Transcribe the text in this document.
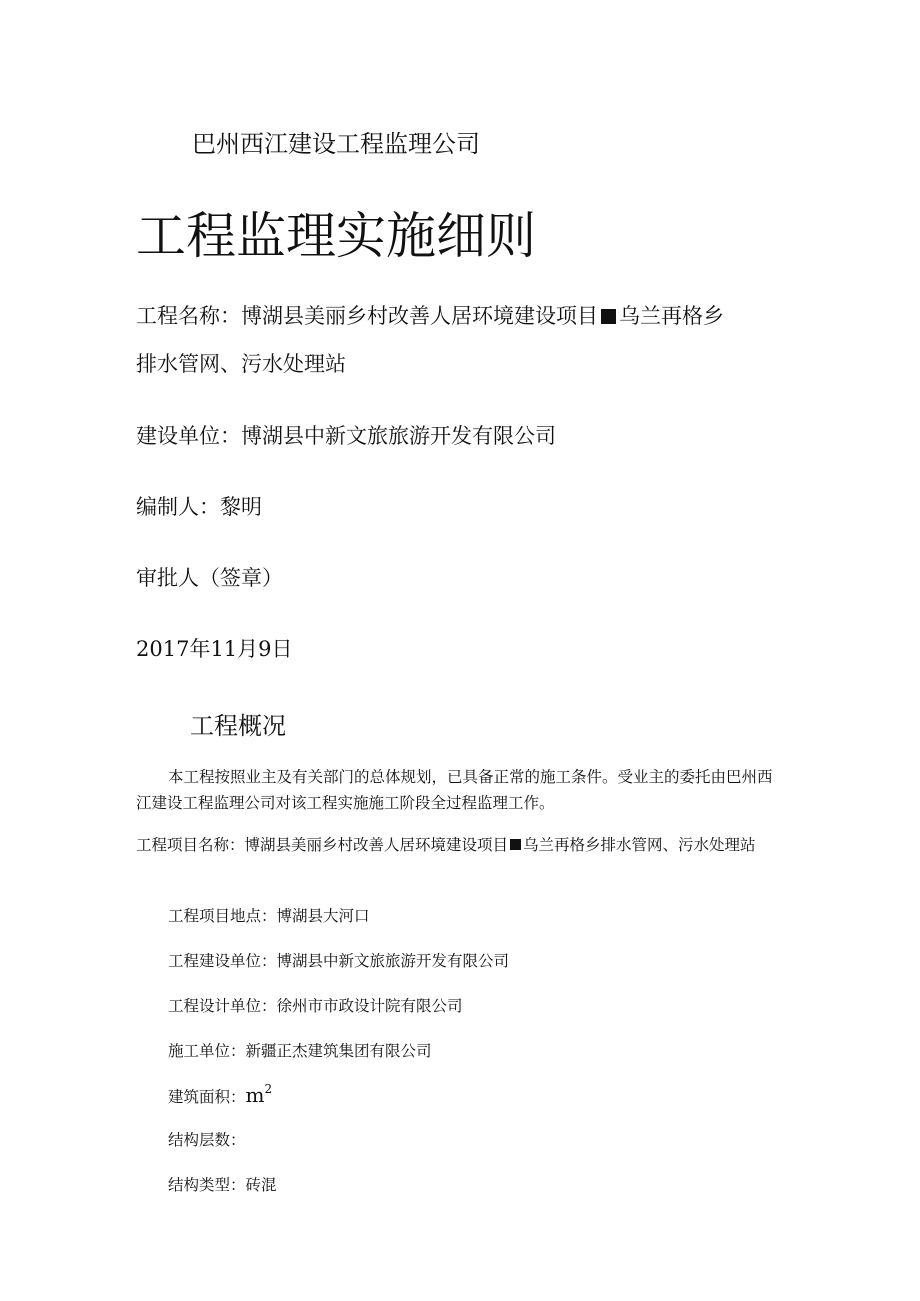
巴州西江建设工程监理公司
工程监理实施细则
工程名称：博湖县美丽乡村改善人居环境建设项目 乌兰再格乡
排水管网、污水处理站
建设单位：博湖县中新文旅旅游开发有限公司
编制人：黎明
审批人（签章）
2017年11月9日
工程概况

本工程按照业主及有关部门的总体规划，已具备正常的施工条件。受业主的委托由巴州西江建设工程监理公司对该工程实施施工阶段全过程监理工作。

工程项目名称：博湖县美丽乡村改善人居环境建设项目 乌兰再格乡排水管网、污水处理站

工程项目地点：博湖县大河口
工程建设单位：博湖县中新文旅旅游开发有限公司
工程设计单位：徐州市市政设计院有限公司
施工单位：新疆正杰建筑集团有限公司
建筑面积：$m^2$
结构层数：
结构类型：砖混
